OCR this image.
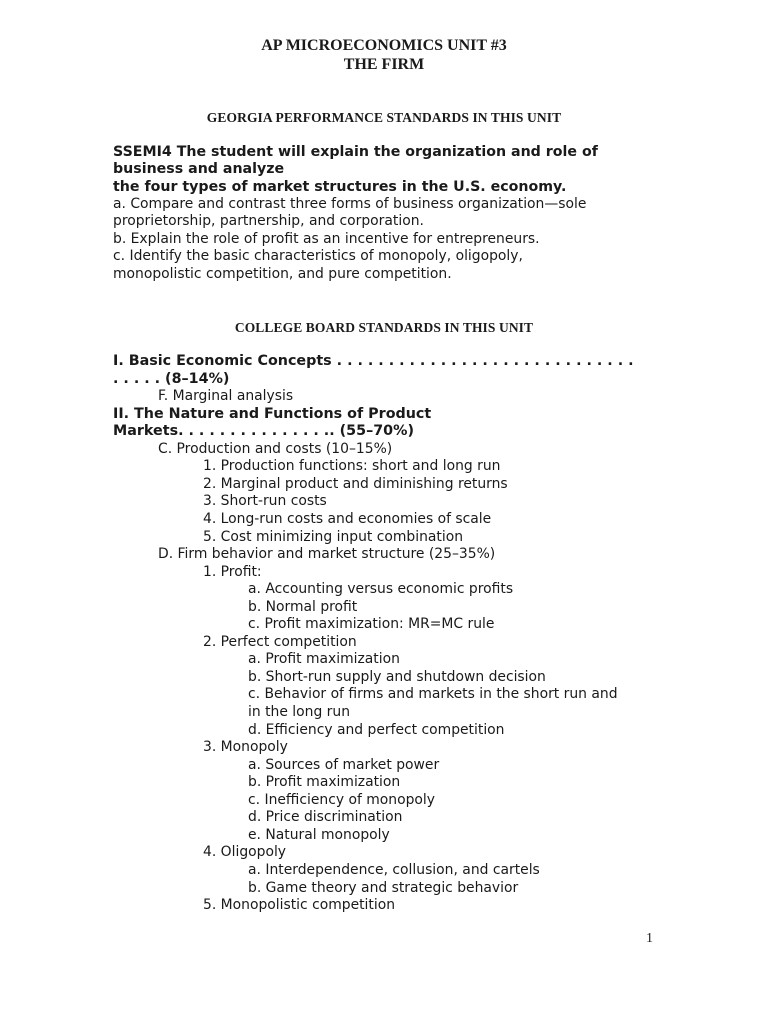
AP MICROECONOMICS UNIT #3
THE FIRM
GEORGIA PERFORMANCE STANDARDS IN THIS UNIT

SSEMI4 The student will explain the organization and role of

business and analyze

the four types of market structures in the U.S. economy.

a. Compare and contrast three forms of business organization—sole

proprietorship, partnership, and corporation.

b. Explain the role of profit as an incentive for entrepreneurs.

c. Identify the basic characteristics of monopoly, oligopoly,

monopolistic competition, and pure competition.

COLLEGE BOARD STANDARDS IN THIS UNIT
I. Basic Economic Concepts . . . . . . . . . . . . . . . . . . . . . . . . . . . . .
. . . . . (8–14%)
F. Marginal analysis
II. The Nature and Functions of Product
Markets. . . . . . . . . . . . . . .. (55–70%)
C. Production and costs (10–15%)
1. Production functions: short and long run
2. Marginal product and diminishing returns
3. Short-run costs
4. Long-run costs and economies of scale
5. Cost minimizing input combination
D. Firm behavior and market structure (25–35%)
1. Profit:
a. Accounting versus economic profits
b. Normal profit
c. Profit maximization: MR=MC rule
2. Perfect competition
a. Profit maximization
b. Short-run supply and shutdown decision
c. Behavior of firms and markets in the short run and
in the long run
d. Efficiency and perfect competition
3. Monopoly
a. Sources of market power
b. Profit maximization
c. Inefficiency of monopoly
d. Price discrimination
e. Natural monopoly
4. Oligopoly
a. Interdependence, collusion, and cartels
b. Game theory and strategic behavior
5. Monopolistic competition
1
